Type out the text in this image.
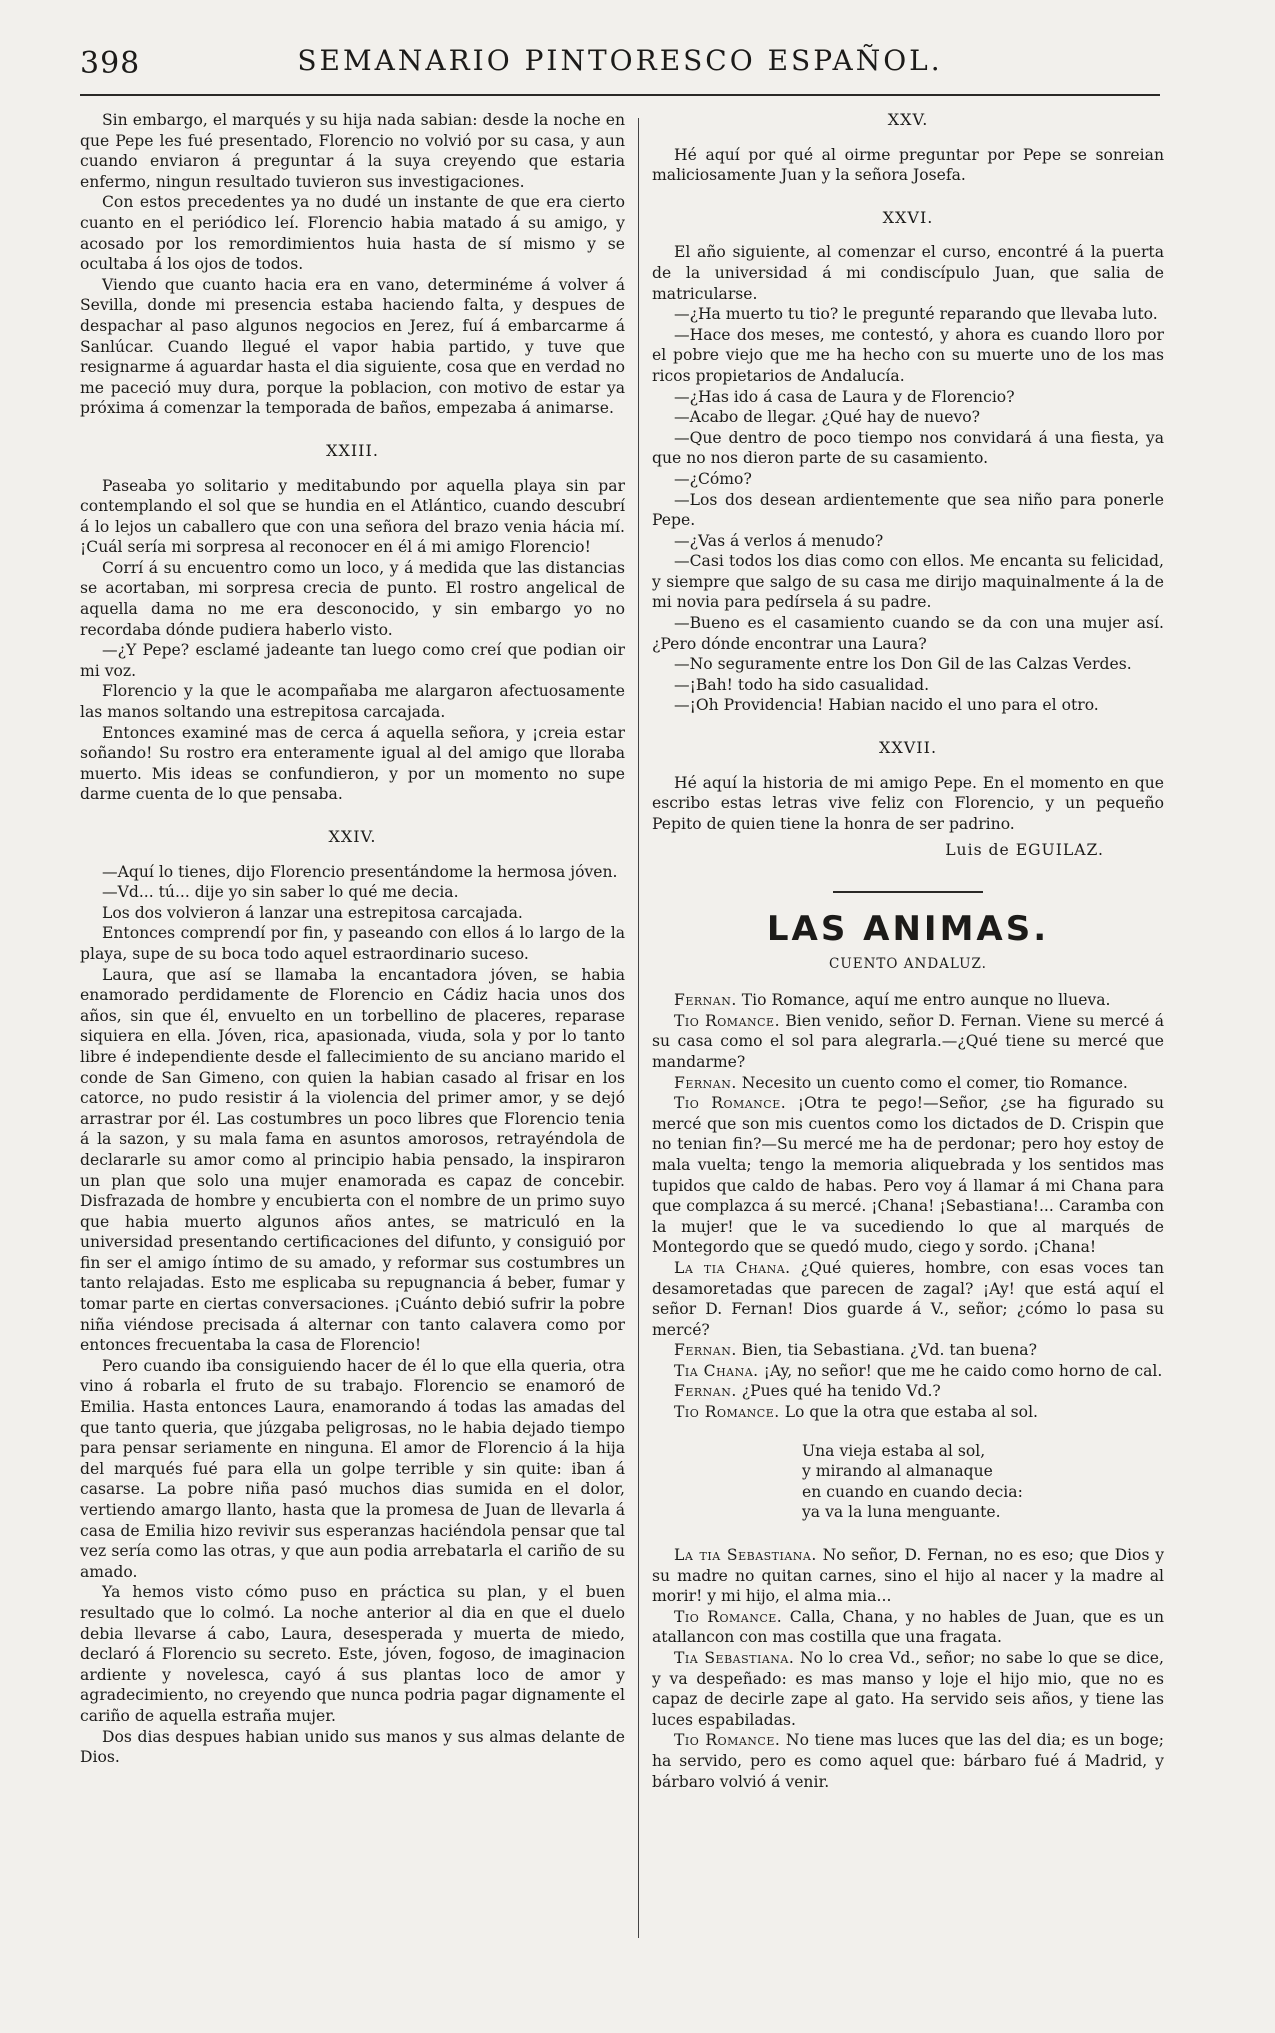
398	SEMANARIO PINTORESCO ESPAÑOL.

Sin embargo, el marqués y su hija nada sabian: desde la noche en que Pepe les fué presentado, Florencio no volvió por su casa, y aun cuando enviaron á preguntar á la suya creyendo que estaria enfermo, ningun resultado tuvieron sus investigaciones.

Con estos precedentes ya no dudé un instante de que era cierto cuanto en el periódico leí. Florencio habia matado á su amigo, y acosado por los remordimientos huia hasta de sí mismo y se ocultaba á los ojos de todos.

Viendo que cuanto hacia era en vano, determinéme á volver á Sevilla, donde mi presencia estaba haciendo falta, y despues de despachar al paso algunos negocios en Jerez, fuí á embarcarme á Sanlúcar. Cuando llegué el vapor habia partido, y tuve que resignarme á aguardar hasta el dia siguiente, cosa que en verdad no me paceció muy dura, porque la poblacion, con motivo de estar ya próxima á comenzar la temporada de baños, empezaba á animarse.

XXIII.

Paseaba yo solitario y meditabundo por aquella playa sin par contemplando el sol que se hundia en el Atlántico, cuando descubrí á lo lejos un caballero que con una señora del brazo venia hácia mí. ¡Cuál sería mi sorpresa al reconocer en él á mi amigo Florencio!

Corrí á su encuentro como un loco, y á medida que las distancias se acortaban, mi sorpresa crecia de punto. El rostro angelical de aquella dama no me era desconocido, y sin embargo yo no recordaba dónde pudiera haberlo visto.

—¿Y Pepe? esclamé jadeante tan luego como creí que podian oir mi voz.

Florencio y la que le acompañaba me alargaron afectuosamente las manos soltando una estrepitosa carcajada.

Entonces examiné mas de cerca á aquella señora, y ¡creia estar soñando! Su rostro era enteramente igual al del amigo que lloraba muerto. Mis ideas se confundieron, y por un momento no supe darme cuenta de lo que pensaba.

XXIV.

—Aquí lo tienes, dijo Florencio presentándome la hermosa jóven.

—Vd... tú... dije yo sin saber lo qué me decia.

Los dos volvieron á lanzar una estrepitosa carcajada.

Entonces comprendí por fin, y paseando con ellos á lo largo de la playa, supe de su boca todo aquel estraordinario suceso.

Laura, que así se llamaba la encantadora jóven, se habia enamorado perdidamente de Florencio en Cádiz hacia unos dos años, sin que él, envuelto en un torbellino de placeres, reparase siquiera en ella. Jóven, rica, apasionada, viuda, sola y por lo tanto libre é independiente desde el fallecimiento de su anciano marido el conde de San Gimeno, con quien la habian casado al frisar en los catorce, no pudo resistir á la violencia del primer amor, y se dejó arrastrar por él. Las costumbres un poco libres que Florencio tenia á la sazon, y su mala fama en asuntos amorosos, retrayéndola de declararle su amor como al principio habia pensado, la inspiraron un plan que solo una mujer enamorada es capaz de concebir. Disfrazada de hombre y encubierta con el nombre de un primo suyo que habia muerto algunos años antes, se matriculó en la universidad presentando certificaciones del difunto, y consiguió por fin ser el amigo íntimo de su amado, y reformar sus costumbres un tanto relajadas. Esto me esplicaba su repugnancia á beber, fumar y tomar parte en ciertas conversaciones. ¡Cuánto debió sufrir la pobre niña viéndose precisada á alternar con tanto calavera como por entonces frecuentaba la casa de Florencio!

Pero cuando iba consiguiendo hacer de él lo que ella queria, otra vino á robarla el fruto de su trabajo. Florencio se enamoró de Emilia. Hasta entonces Laura, enamorando á todas las amadas del que tanto queria, que júzgaba peligrosas, no le habia dejado tiempo para pensar seriamente en ninguna. El amor de Florencio á la hija del marqués fué para ella un golpe terrible y sin quite: iban á casarse. La pobre niña pasó muchos dias sumida en el dolor, vertiendo amargo llanto, hasta que la promesa de Juan de llevarla á casa de Emilia hizo revivir sus esperanzas haciéndola pensar que tal vez sería como las otras, y que aun podia arrebatarla el cariño de su amado.

Ya hemos visto cómo puso en práctica su plan, y el buen resultado que lo colmó. La noche anterior al dia en que el duelo debia llevarse á cabo, Laura, desesperada y muerta de miedo, declaró á Florencio su secreto. Este, jóven, fogoso, de imaginacion ardiente y novelesca, cayó á sus plantas loco de amor y agradecimiento, no creyendo que nunca podria pagar dignamente el cariño de aquella estraña mujer.

Dos dias despues habian unido sus manos y sus almas delante de Dios.

XXV.

Hé aquí por qué al oirme preguntar por Pepe se sonreian maliciosamente Juan y la señora Josefa.

XXVI.

El año siguiente, al comenzar el curso, encontré á la puerta de la universidad á mi condiscípulo Juan, que salia de matricularse.

—¿Ha muerto tu tio? le pregunté reparando que llevaba luto.

—Hace dos meses, me contestó, y ahora es cuando lloro por el pobre viejo que me ha hecho con su muerte uno de los mas ricos propietarios de Andalucía.

—¿Has ido á casa de Laura y de Florencio?

—Acabo de llegar. ¿Qué hay de nuevo?

—Que dentro de poco tiempo nos convidará á una fiesta, ya que no nos dieron parte de su casamiento.

—¿Cómo?

—Los dos desean ardientemente que sea niño para ponerle Pepe.

—¿Vas á verlos á menudo?

—Casi todos los dias como con ellos. Me encanta su felicidad, y siempre que salgo de su casa me dirijo maquinalmente á la de mi novia para pedírsela á su padre.

—Bueno es el casamiento cuando se da con una mujer así. ¿Pero dónde encontrar una Laura?

—No seguramente entre los Don Gil de las Calzas Verdes.

—¡Bah! todo ha sido casualidad.

—¡Oh Providencia! Habian nacido el uno para el otro.

XXVII.

Hé aquí la historia de mi amigo Pepe. En el momento en que escribo estas letras vive feliz con Florencio, y un pequeño Pepito de quien tiene la honra de ser padrino.

Luis de EGUILAZ.
LAS ANIMAS.
CUENTO ANDALUZ.

Fernan. Tio Romance, aquí me entro aunque no llueva.

Tio Romance. Bien venido, señor D. Fernan. Viene su mercé á su casa como el sol para alegrarla.—¿Qué tiene su mercé que mandarme?

Fernan. Necesito un cuento como el comer, tio Romance.

Tio Romance. ¡Otra te pego!—Señor, ¿se ha figurado su mercé que son mis cuentos como los dictados de D. Crispin que no tenian fin?—Su mercé me ha de perdonar; pero hoy estoy de mala vuelta; tengo la memoria aliquebrada y los sentidos mas tupidos que caldo de habas. Pero voy á llamar á mi Chana para que complazca á su mercé. ¡Chana! ¡Sebastiana!... Caramba con la mujer! que le va sucediendo lo que al marqués de Montegordo que se quedó mudo, ciego y sordo. ¡Chana!

La tia Chana. ¿Qué quieres, hombre, con esas voces tan desamoretadas que parecen de zagal? ¡Ay! que está aquí el señor D. Fernan! Dios guarde á V., señor; ¿cómo lo pasa su mercé?

Fernan. Bien, tia Sebastiana. ¿Vd. tan buena?

Tia Chana. ¡Ay, no señor! que me he caido como horno de cal.

Fernan. ¿Pues qué ha tenido Vd.?

Tio Romance. Lo que la otra que estaba al sol.

Una vieja estaba al sol,
y mirando al almanaque
en cuando en cuando decia:
ya va la luna menguante.

La tia Sebastiana. No señor, D. Fernan, no es eso; que Dios y su madre no quitan carnes, sino el hijo al nacer y la madre al morir! y mi hijo, el alma mia...

Tio Romance. Calla, Chana, y no hables de Juan, que es un atallancon con mas costilla que una fragata.

Tia Sebastiana. No lo crea Vd., señor; no sabe lo que se dice, y va despeñado: es mas manso y loje el hijo mio, que no es capaz de decirle zape al gato. Ha servido seis años, y tiene las luces espabiladas.

Tio Romance. No tiene mas luces que las del dia; es un boge; ha servido, pero es como aquel que: bárbaro fué á Madrid, y bárbaro volvió á venir.
